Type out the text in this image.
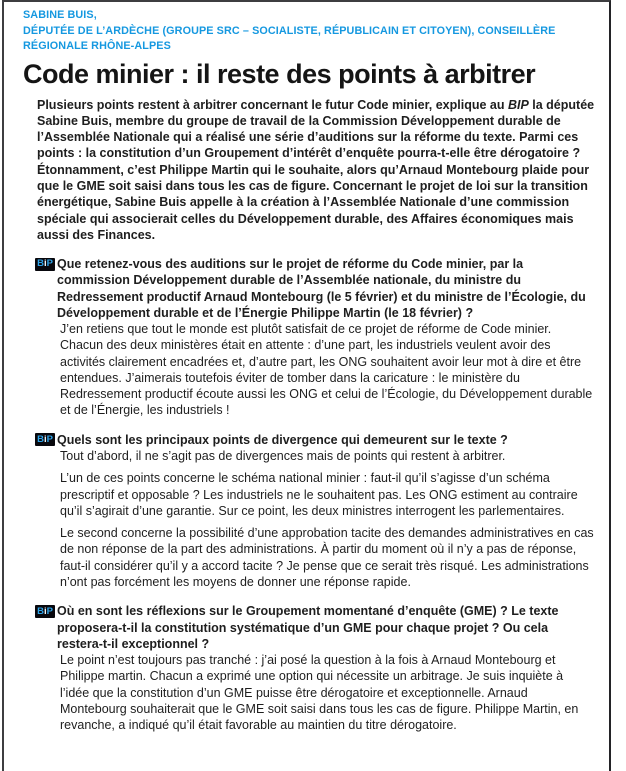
SABINE BUIS,
DÉPUTÉE DE L’ARDÈCHE (GROUPE SRC – SOCIALISTE, RÉPUBLICAIN ET CITOYEN), CONSEILLÈRE RÉGIONALE RHÔNE-ALPES
Code minier : il reste des points à arbitrer

Plusieurs points restent à arbitrer concernant le futur Code minier, explique au BIP la députée Sabine Buis, membre du groupe de travail de la Commission Développement durable de l’Assemblée Nationale qui a réalisé une série d’auditions sur la réforme du texte. Parmi ces points : la constitution d’un Groupement d’intérêt d’enquête pourra-t-elle être dérogatoire ? Étonnamment, c’est Philippe Martin qui le souhaite, alors qu’Arnaud Montebourg plaide pour que le GME soit saisi dans tous les cas de figure. Concernant le projet de loi sur la transition énergétique, Sabine Buis appelle à la création à l’Assemblée Nationale d’une commission spéciale qui associerait celles du Développement durable, des Affaires économiques mais aussi des Finances.

B i P Que retenez-vous des auditions sur le projet de réforme du Code minier, par la commission Développement durable de l’Assemblée nationale, du ministre du Redressement productif Arnaud Montebourg (le 5 février) et du ministre de l’Écologie, du Développement durable et de l’Énergie Philippe Martin (le 18 février) ?

J’en retiens que tout le monde est plutôt satisfait de ce projet de réforme de Code minier. Chacun des deux ministères était en attente : d’une part, les industriels veulent avoir des activités clairement encadrées et, d’autre part, les ONG souhaitent avoir leur mot à dire et être entendues. J’aimerais toutefois éviter de tomber dans la caricature : le ministère du Redressement productif écoute aussi les ONG et celui de l’Écologie, du Développement durable et de l’Énergie, les industriels !

B i P Quels sont les principaux points de divergence qui demeurent sur le texte ?

Tout d’abord, il ne s’agit pas de divergences mais de points qui restent à arbitrer.

L’un de ces points concerne le schéma national minier : faut-il qu’il s’agisse d’un schéma prescriptif et opposable ? Les industriels ne le souhaitent pas. Les ONG estiment au contraire qu’il s’agirait d’une garantie. Sur ce point, les deux ministres interrogent les parlementaires.

Le second concerne la possibilité d’une approbation tacite des demandes administratives en cas de non réponse de la part des administrations. À partir du moment où il n’y a pas de réponse, faut-il considérer qu’il y a accord tacite ? Je pense que ce serait très risqué. Les administrations n’ont pas forcément les moyens de donner une réponse rapide.

B i P Où en sont les réflexions sur le Groupement momentané d’enquête (GME) ? Le texte proposera-t-il la constitution systématique d’un GME pour chaque projet ? Ou cela restera-t-il exceptionnel ?

Le point n’est toujours pas tranché : j’ai posé la question à la fois à Arnaud Montebourg et Philippe martin. Chacun a exprimé une option qui nécessite un arbitrage. Je suis inquiète à l’idée que la constitution d’un GME puisse être dérogatoire et exceptionnelle. Arnaud Montebourg souhaiterait que le GME soit saisi dans tous les cas de figure. Philippe Martin, en revanche, a indiqué qu’il était favorable au maintien du titre dérogatoire.
